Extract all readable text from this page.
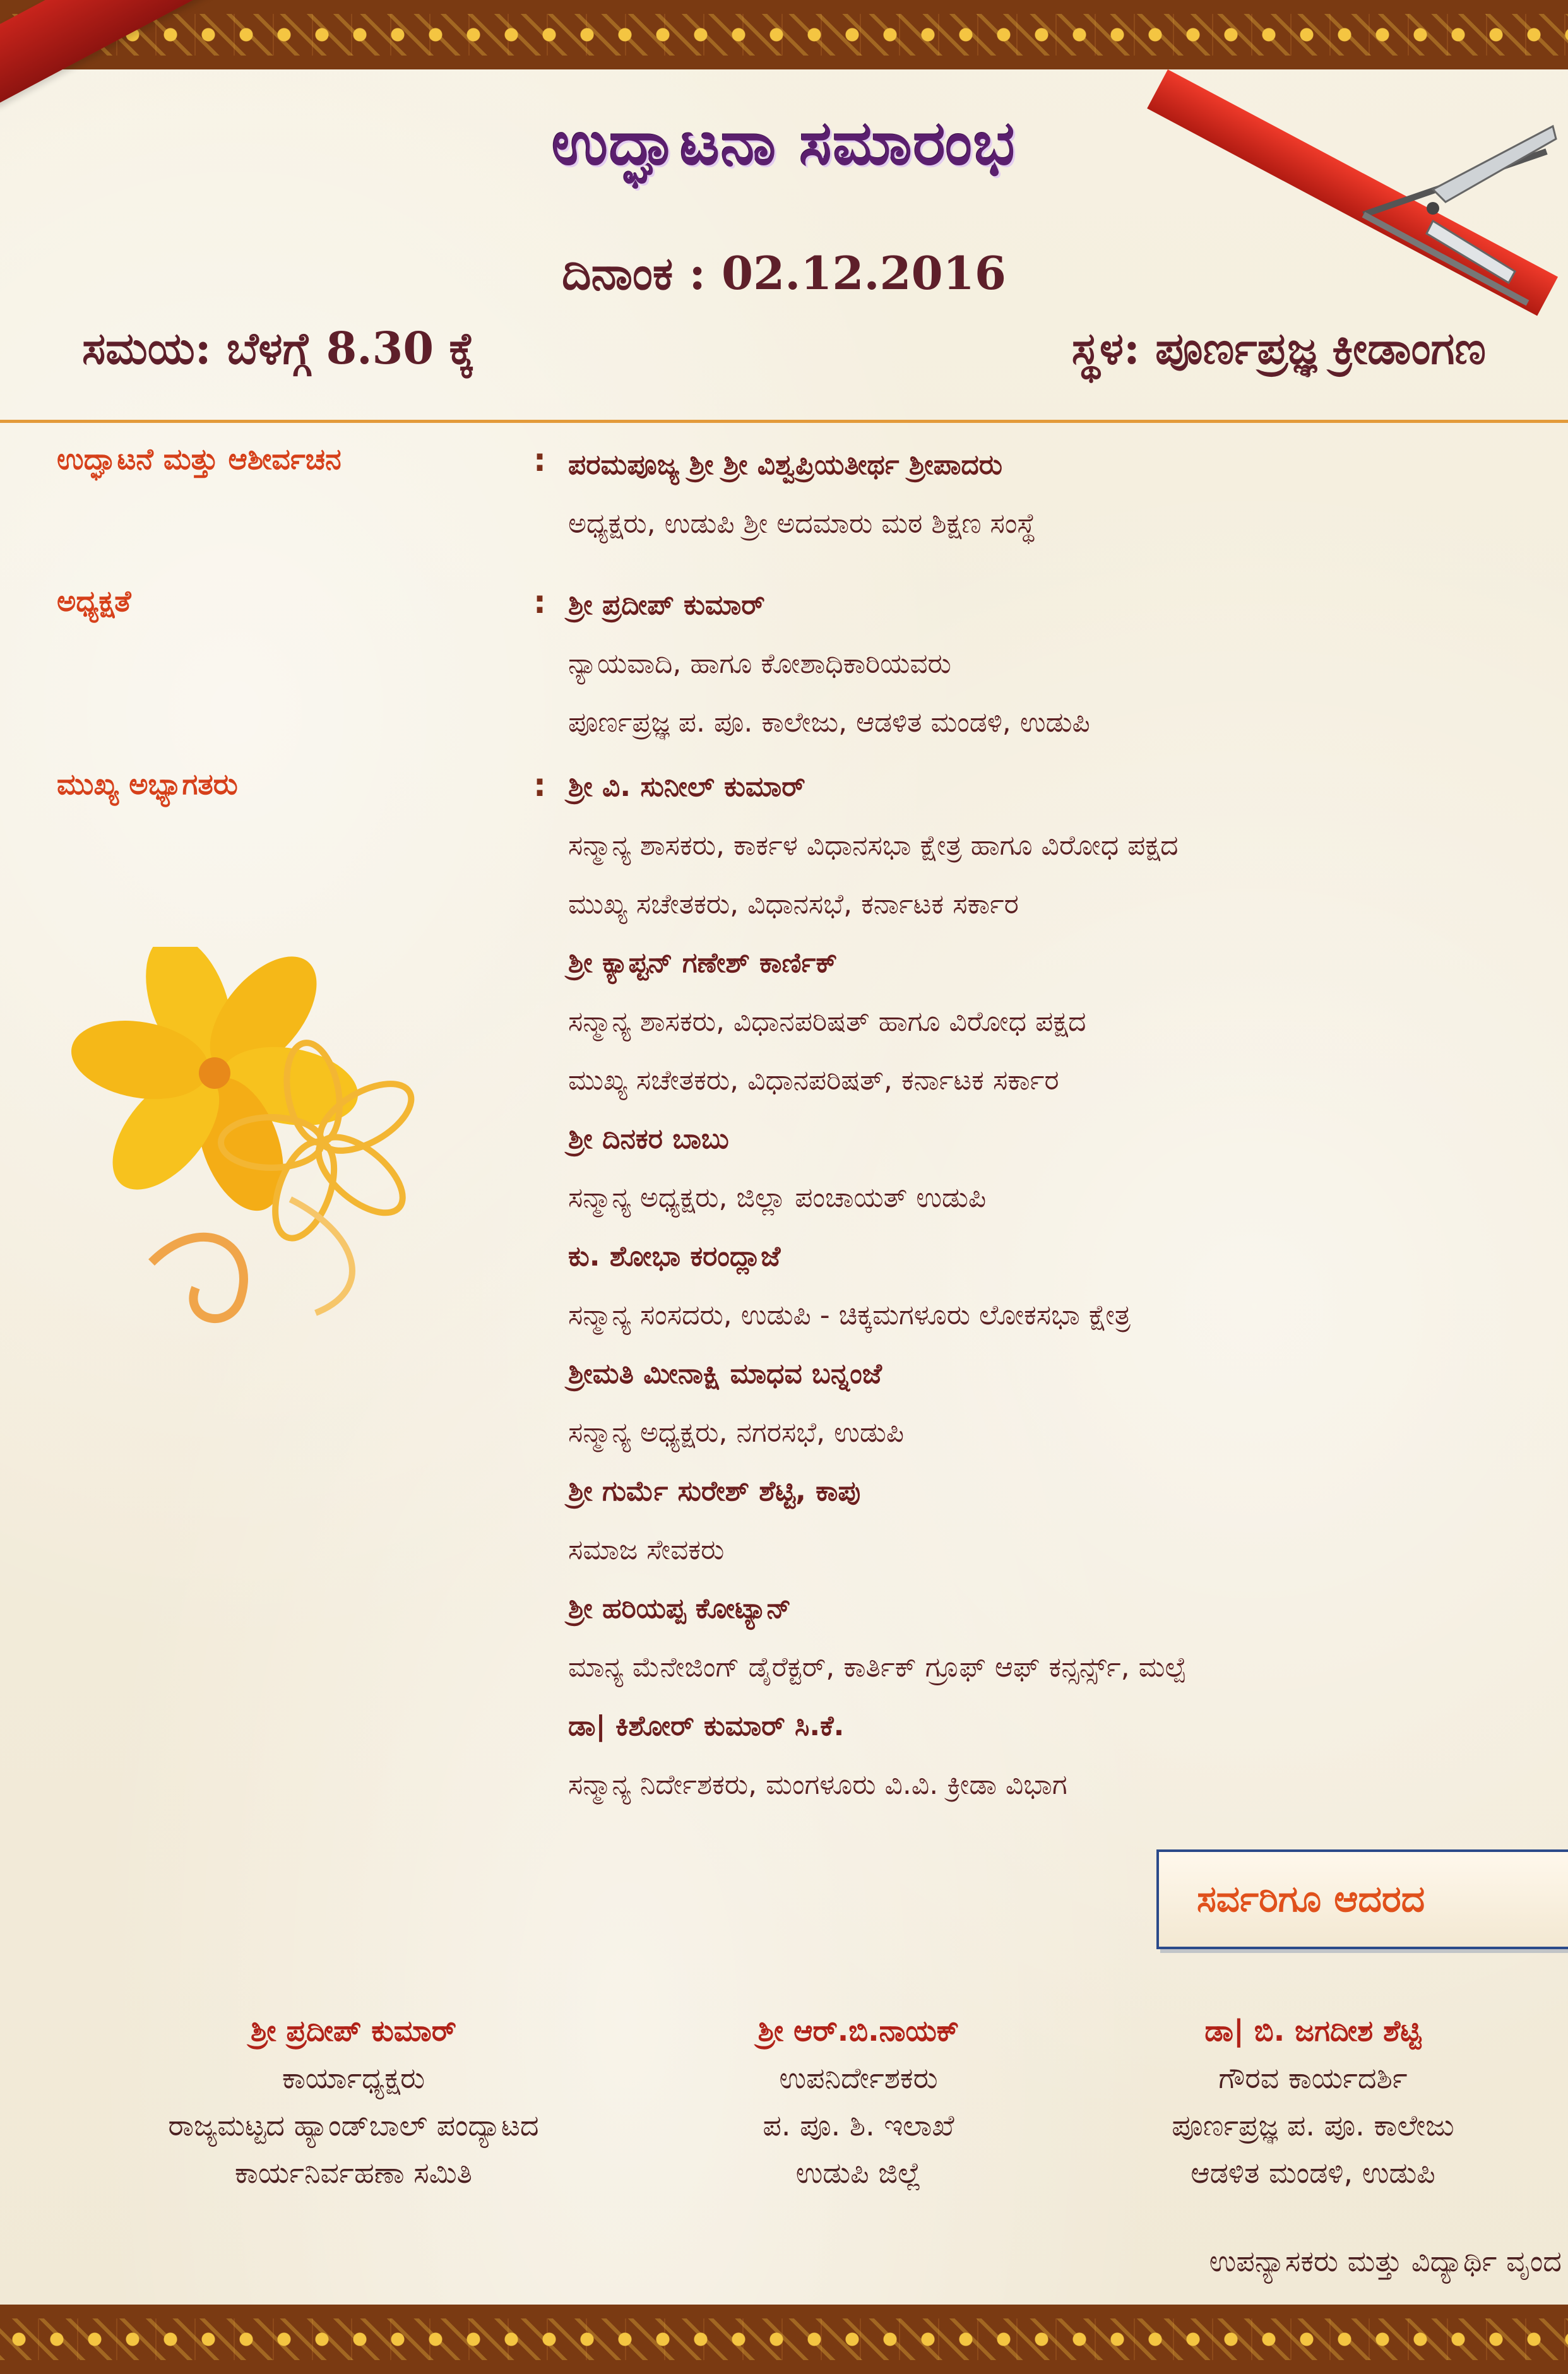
ಉದ್ಘಾಟನಾ ಸಮಾರಂಭ
ದಿನಾಂಕ : 02.12.2016
ಸಮಯ: ಬೆಳಗ್ಗೆ 8.30 ಕ್ಕೆ	ಸ್ಥಳ: ಪೂರ್ಣಪ್ರಜ್ಞ ಕ್ರೀಡಾಂಗಣ
ಉದ್ಘಾಟನೆ ಮತ್ತು ಆಶೀರ್ವಚನ	: ಪರಮಪೂಜ್ಯ ಶ್ರೀ ಶ್ರೀ ವಿಶ್ವಪ್ರಿಯತೀರ್ಥ ಶ್ರೀಪಾದರು
ಅಧ್ಯಕ್ಷರು, ಉಡುಪಿ ಶ್ರೀ ಅದಮಾರು ಮಠ ಶಿಕ್ಷಣ ಸಂಸ್ಥೆ
ಅಧ್ಯಕ್ಷತೆ	: ಶ್ರೀ ಪ್ರದೀಪ್ ಕುಮಾರ್
ನ್ಯಾಯವಾದಿ, ಹಾಗೂ ಕೋಶಾಧಿಕಾರಿಯವರು
ಪೂರ್ಣಪ್ರಜ್ಞ ಪ. ಪೂ. ಕಾಲೇಜು, ಆಡಳಿತ ಮಂಡಳಿ, ಉಡುಪಿ
ಮುಖ್ಯ ಅಭ್ಯಾಗತರು	: ಶ್ರೀ ವಿ. ಸುನೀಲ್ ಕುಮಾರ್
ಸನ್ಮಾನ್ಯ ಶಾಸಕರು, ಕಾರ್ಕಳ ವಿಧಾನಸಭಾ ಕ್ಷೇತ್ರ ಹಾಗೂ ವಿರೋಧ ಪಕ್ಷದ
ಮುಖ್ಯ ಸಚೇತಕರು, ವಿಧಾನಸಭೆ, ಕರ್ನಾಟಕ ಸರ್ಕಾರ
ಶ್ರೀ ಕ್ಯಾಪ್ಟನ್ ಗಣೇಶ್ ಕಾರ್ಣಿಕ್
ಸನ್ಮಾನ್ಯ ಶಾಸಕರು, ವಿಧಾನಪರಿಷತ್ ಹಾಗೂ ವಿರೋಧ ಪಕ್ಷದ
ಮುಖ್ಯ ಸಚೇತಕರು, ವಿಧಾನಪರಿಷತ್, ಕರ್ನಾಟಕ ಸರ್ಕಾರ
ಶ್ರೀ ದಿನಕರ ಬಾಬು
ಸನ್ಮಾನ್ಯ ಅಧ್ಯಕ್ಷರು, ಜಿಲ್ಲಾ ಪಂಚಾಯತ್ ಉಡುಪಿ
ಕು. ಶೋಭಾ ಕರಂದ್ಲಾಜೆ
ಸನ್ಮಾನ್ಯ ಸಂಸದರು, ಉಡುಪಿ - ಚಿಕ್ಕಮಗಳೂರು ಲೋಕಸಭಾ ಕ್ಷೇತ್ರ
ಶ್ರೀಮತಿ ಮೀನಾಕ್ಷಿ ಮಾಧವ ಬನ್ನಂಜೆ
ಸನ್ಮಾನ್ಯ ಅಧ್ಯಕ್ಷರು, ನಗರಸಭೆ, ಉಡುಪಿ
ಶ್ರೀ ಗುರ್ಮೆ ಸುರೇಶ್ ಶೆಟ್ಟಿ, ಕಾಪು
ಸಮಾಜ ಸೇವಕರು
ಶ್ರೀ ಹರಿಯಪ್ಪ ಕೋಟ್ಯಾನ್
ಮಾನ್ಯ ಮೆನೇಜಿಂಗ್ ಡೈರೆಕ್ಟರ್, ಕಾರ್ತಿಕ್ ಗ್ರೂಫ್ ಆಫ್ ಕನ್ಸರ್ನ್ಸ್, ಮಲ್ಪೆ
ಡಾ| ಕಿಶೋರ್ ಕುಮಾರ್ ಸಿ.ಕೆ.
ಸನ್ಮಾನ್ಯ ನಿರ್ದೇಶಕರು, ಮಂಗಳೂರು ವಿ.ವಿ. ಕ್ರೀಡಾ ವಿಭಾಗ
ಸರ್ವರಿಗೂ ಆದರದ
ಶ್ರೀ ಪ್ರದೀಪ್ ಕುಮಾರ್
ಕಾರ್ಯಾಧ್ಯಕ್ಷರು
ರಾಜ್ಯಮಟ್ಟದ ಹ್ಯಾಂಡ್‌ಬಾಲ್ ಪಂದ್ಯಾಟದ
ಕಾರ್ಯನಿರ್ವಹಣಾ ಸಮಿತಿ
ಶ್ರೀ ಆರ್.ಬಿ.ನಾಯಕ್
ಉಪನಿರ್ದೇಶಕರು
ಪ. ಪೂ. ಶಿ. ಇಲಾಖೆ
ಉಡುಪಿ ಜಿಲ್ಲೆ
ಡಾ| ಬಿ. ಜಗದೀಶ ಶೆಟ್ಟಿ
ಗೌರವ ಕಾರ್ಯದರ್ಶಿ
ಪೂರ್ಣಪ್ರಜ್ಞ ಪ. ಪೂ. ಕಾಲೇಜು
ಆಡಳಿತ ಮಂಡಳಿ, ಉಡುಪಿ
ಉಪನ್ಯಾಸಕರು ಮತ್ತು ವಿದ್ಯಾರ್ಥಿ ವೃಂದ
